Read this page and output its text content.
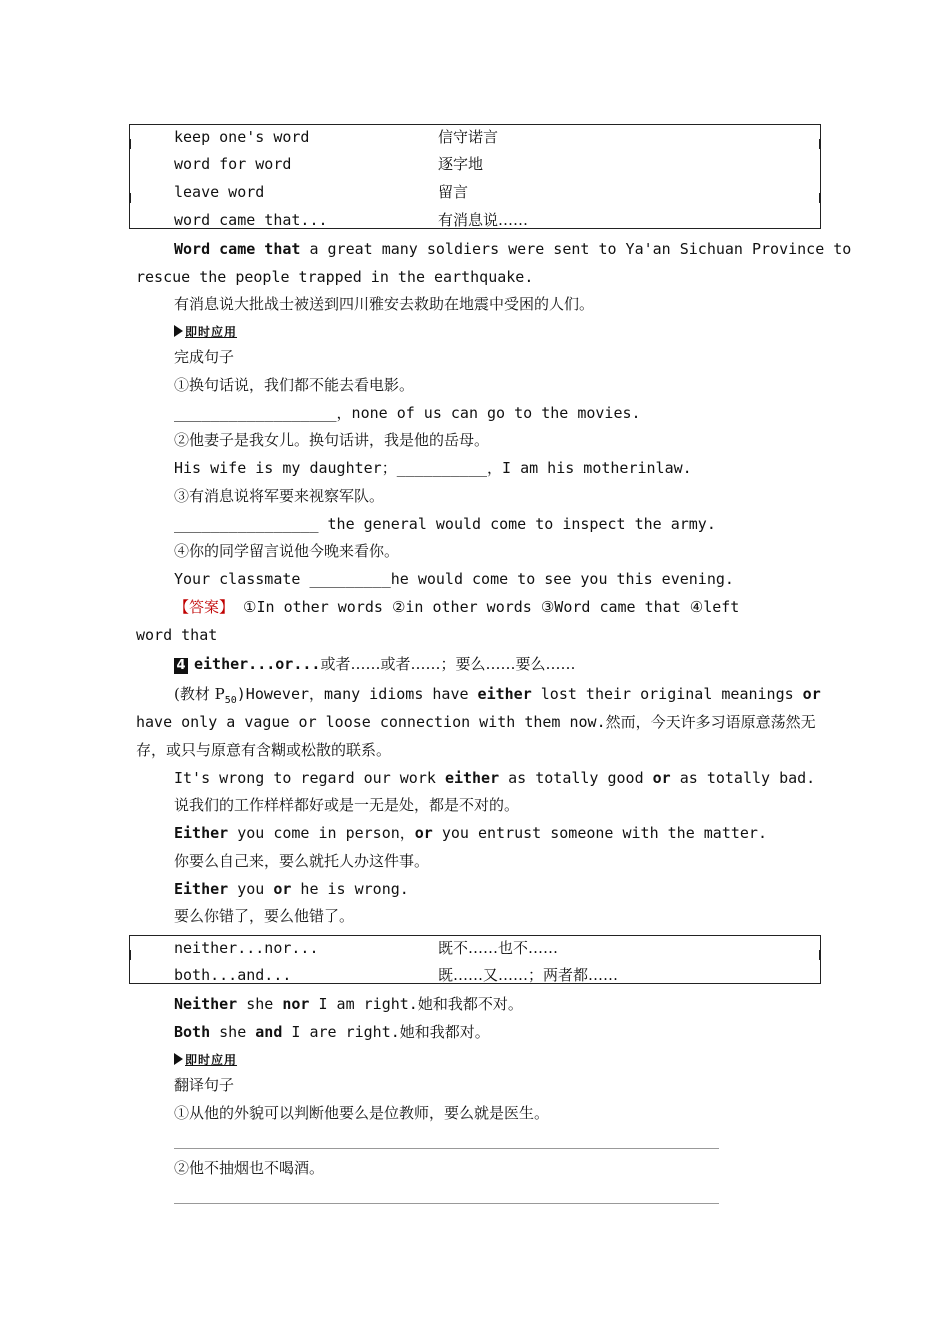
keep one's word	信守诺言
word for word	逐字地
leave word	留言
word came that...	有消息说……
Word came that a great many soldiers were sent to Ya'an Sichuan Province to
rescue the people trapped in the earthquake.
有消息说大批战士被送到四川雅安去救助在地震中受困的人们。
即时应用
完成句子
①换句话说，我们都不能去看电影。
__________________，none of us can go to the movies.
②他妻子是我女儿。换句话讲，我是他的岳母。
His wife is my daughter；__________，I am his motherinlaw.
③有消息说将军要来视察军队。
________________ the general would come to inspect the army.
④你的同学留言说他今晚来看你。
Your classmate _________he would come to see you this evening.
【答案】 ①In other words ②in other words ③Word came that ④left
word that
4 either...or...或者……或者……；要么……要么……
(教材 $P_{50})However$，many idioms have either lost their original meanings or
have only a vague or loose connection with them now.然而，今天许多习语原意荡然无
存，或只与原意有含糊或松散的联系。
It's wrong to regard our work either as totally good or as totally bad.
说我们的工作样样都好或是一无是处，都是不对的。
Either you come in person，or you entrust someone with the matter.
你要么自己来，要么就托人办这件事。
Either you or he is wrong.
要么你错了，要么他错了。
neither...nor...	既不……也不……
both...and...	既……又……；两者都……
Neither she nor I am right.她和我都不对。
Both she and I are right.她和我都对。
即时应用
翻译句子
①从他的外貌可以判断他要么是位教师，要么就是医生。
②他不抽烟也不喝酒。
